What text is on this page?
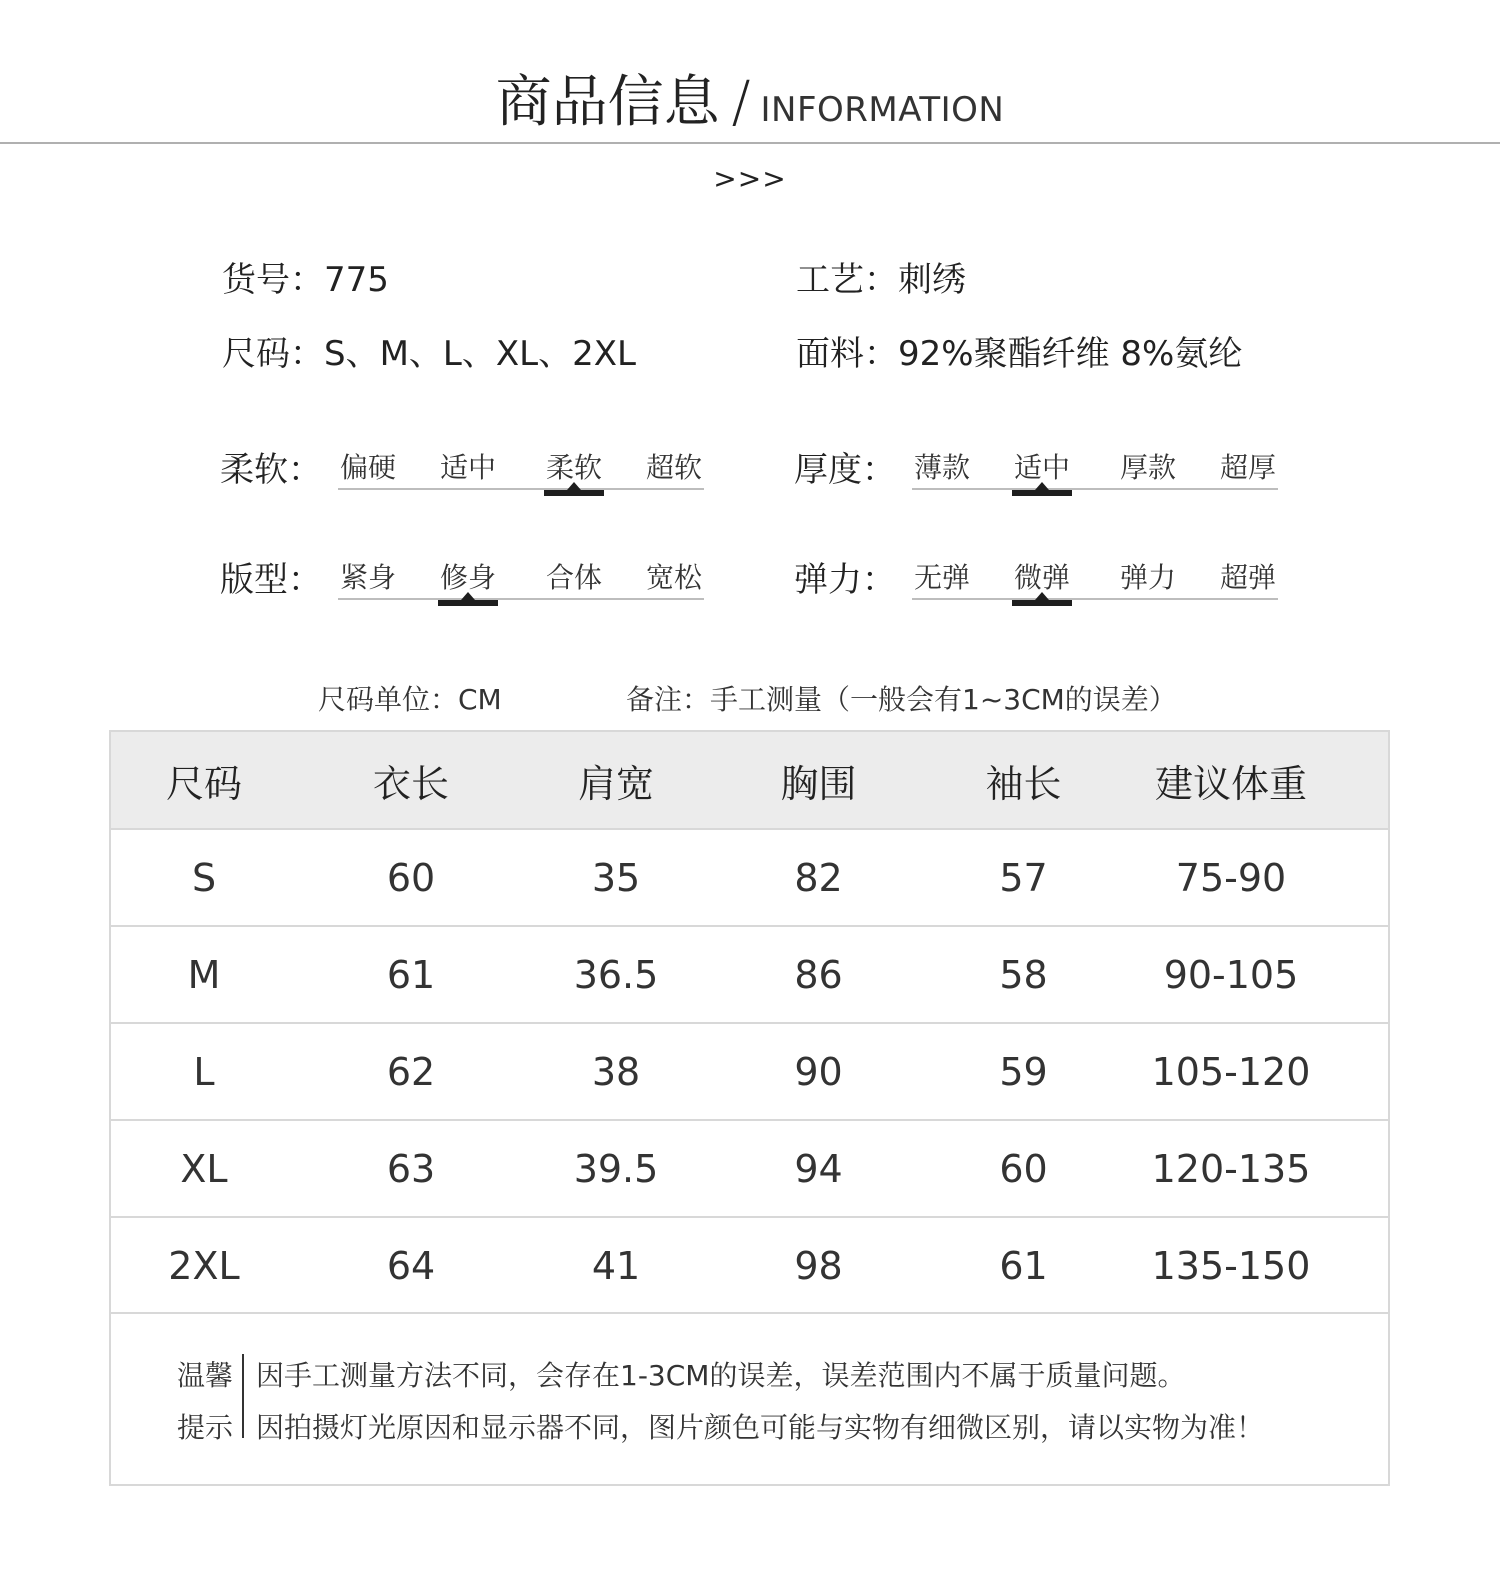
商品信息 / INFORMATION
>>>
货号：775	工艺：刺绣
尺码：S、M、L、XL、2XL	面料：92%聚酯纤维 8%氨纶
柔软： 偏硬 适中 柔软 超软	厚度： 薄款 适中 厚款 超厚
版型： 紧身 修身 合体 宽松	弹力： 无弹 微弹 弹力 超弹
尺码单位：CM	备注：手工测量（一般会有1~3CM的误差）
尺码	衣长	肩宽	胸围	袖长	建议体重
S	60	35	82	57	75-90
M	61	36.5	86	58	90-105
L	62	38	90	59	105-120
XL	63	39.5	94	60	120-135
2XL	64	41	98	61	135-150
温馨
提示
因手工测量方法不同，会存在1-3CM的误差，误差范围内不属于质量问题。
因拍摄灯光原因和显示器不同，图片颜色可能与实物有细微区别，请以实物为准！
